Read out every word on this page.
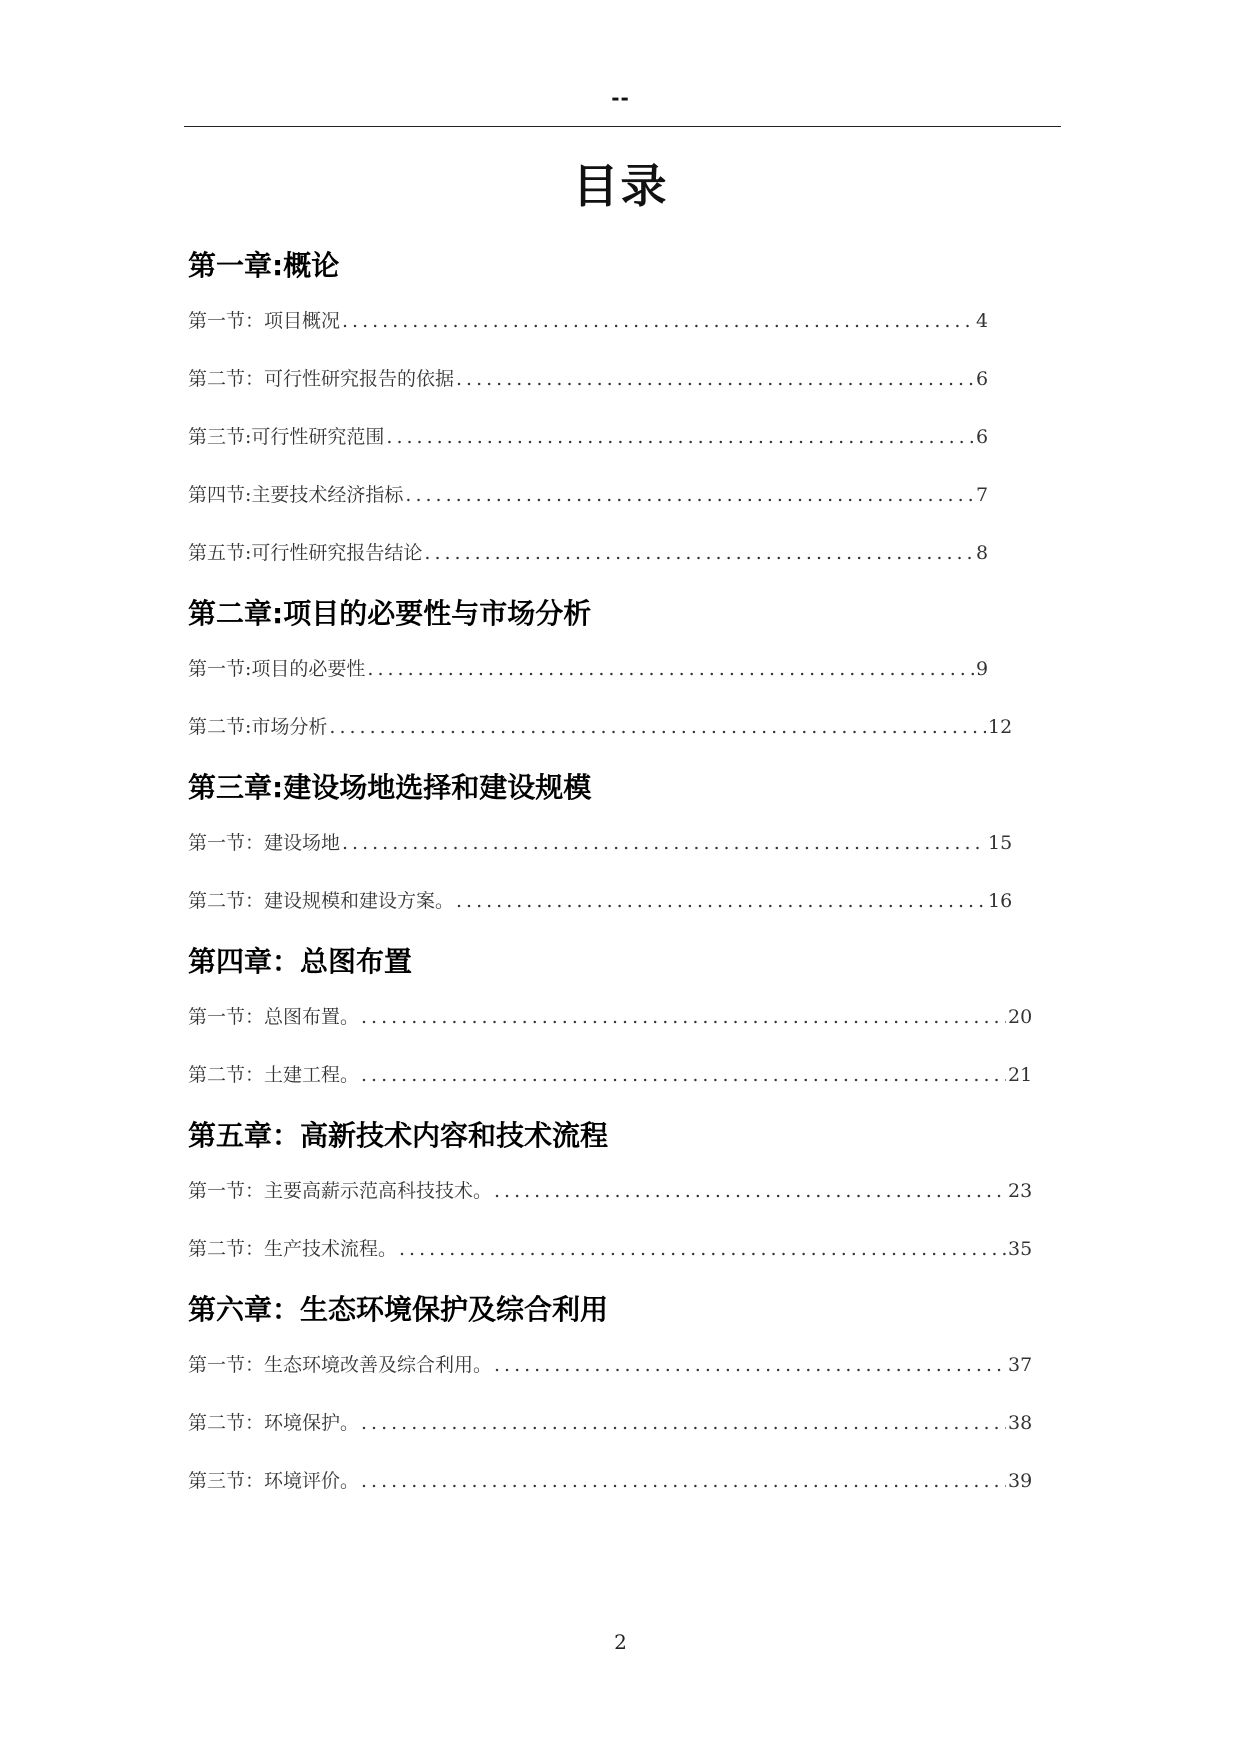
--
目录
第一章:概论
第一节：项目概况 .....	4
第二节：可行性研究报告的依据 .....	6
第三节:可行性研究范围 .....	6
第四节:主要技术经济指标 .....	7
第五节:可行性研究报告结论 .....	8
第二章:项目的必要性与市场分析
第一节:项目的必要性 .....	9
第二节:市场分析 .....	12
第三章:建设场地选择和建设规模
第一节：建设场地 .....	15
第二节：建设规模和建设方案。 .....	16
第四章：总图布置
第一节：总图布置。 .....	20
第二节：土建工程。 .....	21
第五章：高新技术内容和技术流程
第一节：主要高薪示范高科技技术。 .....	23
第二节：生产技术流程。 .....	35
第六章：生态环境保护及综合利用
第一节：生态环境改善及综合利用。 .....	37
第二节：环境保护。 .....	38
第三节：环境评价。 .....	39
2
